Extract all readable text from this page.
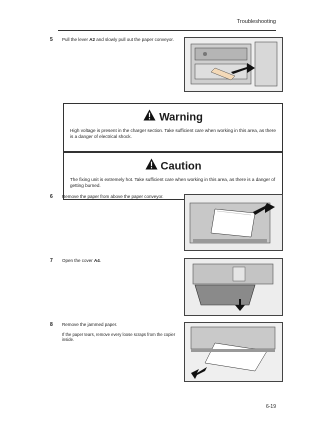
Troubleshooting
5 Pull the lever A2 and slowly pull out the paper conveyor.
Warning
High voltage is present in the charger section. Take sufficient care when working in this area, as there is a danger of electrical shock.
Caution
The fixing unit is extremely hot. Take sufficient care when working in this area, as there is a danger of getting burned.
6 Remove the paper from above the paper conveyor.
7 Open the cover A4.
8 Remove the jammed paper.
If the paper tears, remove every loose scraps from the copier inside.
6-19
